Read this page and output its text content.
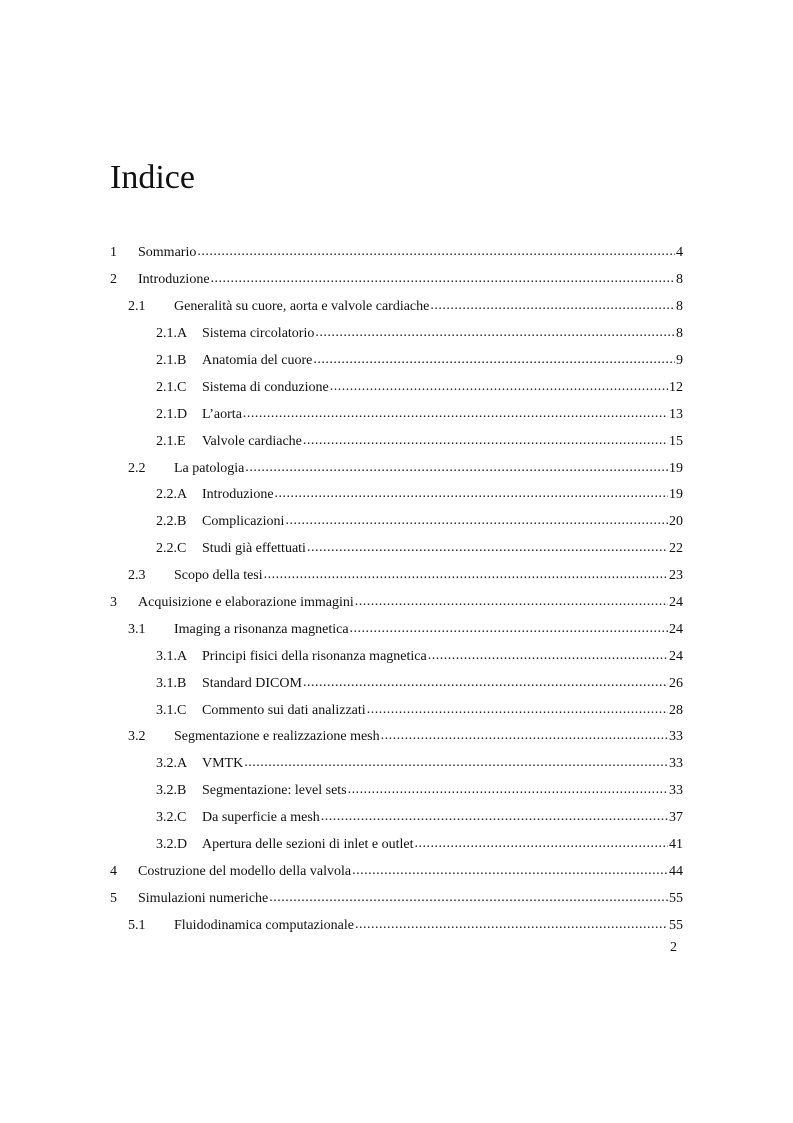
Indice
1	Sommario .....	4
2	Introduzione .....	8
2.1	Generalità su cuore, aorta e valvole cardiache .....	8
2.1.A	Sistema circolatorio .....	8
2.1.B	Anatomia del cuore .....	9
2.1.C	Sistema di conduzione .....	12
2.1.D	L’aorta .....	13
2.1.E	Valvole cardiache .....	15
2.2	La patologia .....	19
2.2.A	Introduzione .....	19
2.2.B	Complicazioni .....	20
2.2.C	Studi già effettuati .....	22
2.3	Scopo della tesi .....	23
3	Acquisizione e elaborazione immagini .....	24
3.1	Imaging a risonanza magnetica .....	24
3.1.A	Principi fisici della risonanza magnetica .....	24
3.1.B	Standard DICOM .....	26
3.1.C	Commento sui dati analizzati .....	28
3.2	Segmentazione e realizzazione mesh .....	33
3.2.A	VMTK .....	33
3.2.B	Segmentazione: level sets .....	33
3.2.C	Da superficie a mesh .....	37
3.2.D	Apertura delle sezioni di inlet e outlet .....	41
4	Costruzione del modello della valvola .....	44
5	Simulazioni numeriche .....	55
5.1	Fluidodinamica computazionale .....	55
2
